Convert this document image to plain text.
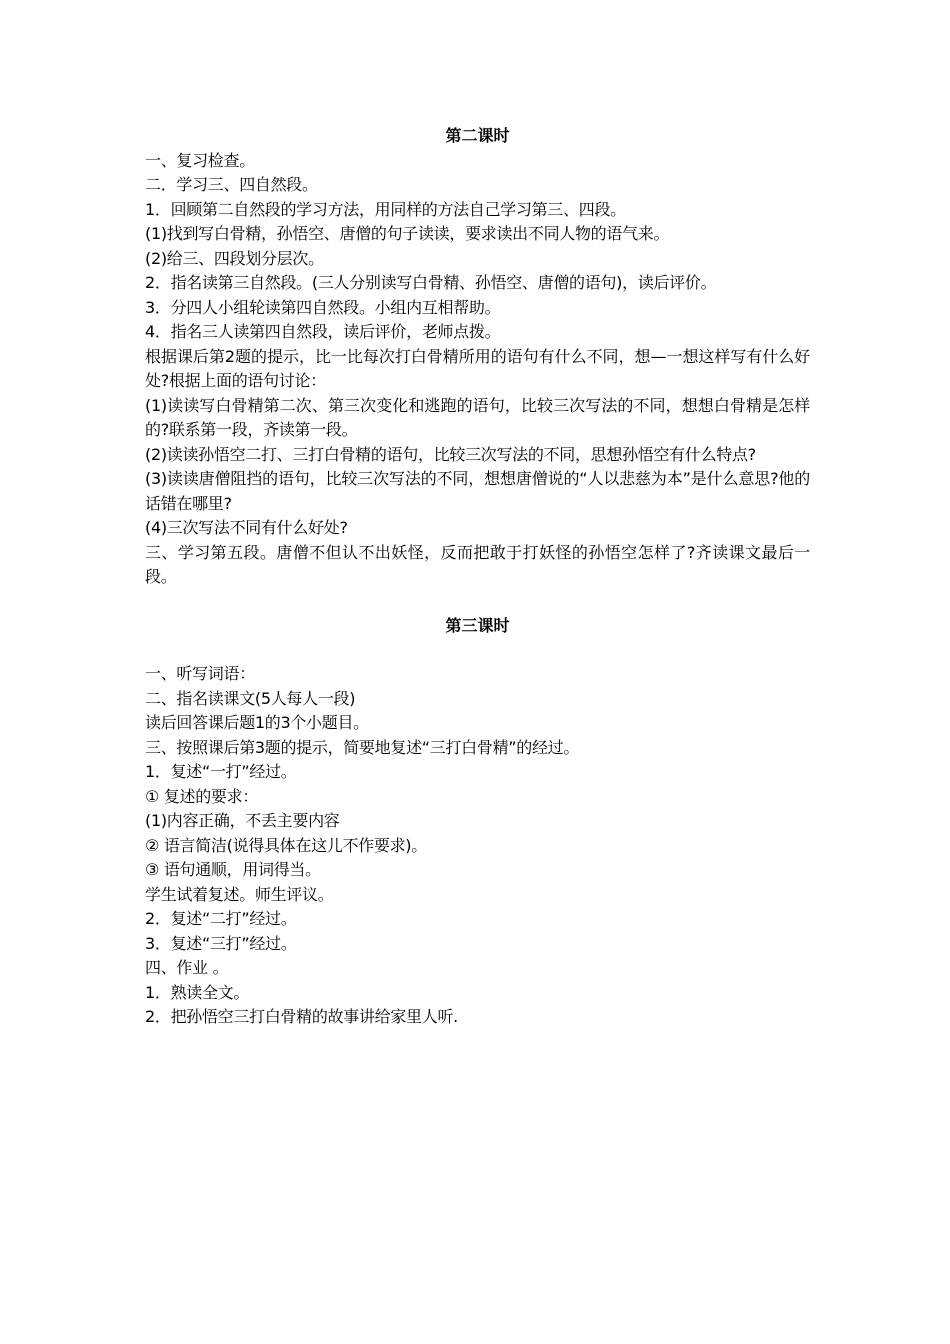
第二课时

一、复习检查。

二．学习三、四自然段。

1．回顾第二自然段的学习方法，用同样的方法自己学习第三、四段。

(1)找到写白骨精，孙悟空、唐僧的句子读读，要求读出不同人物的语气来。

(2)给三、四段划分层次。

2．指名读第三自然段。(三人分别读写白骨精、孙悟空、唐僧的语句)，读后评价。

3．分四人小组轮读第四自然段。小组内互相帮助。

4．指名三人读第四自然段，读后评价，老师点拨。

根据课后第2题的提示，比一比每次打白骨精所用的语句有什么不同，想—一想这样写有什么好处?根据上面的语句讨论：

(1)读读写白骨精第二次、第三次变化和逃跑的语句，比较三次写法的不同，想想白骨精是怎样的?联系第一段，齐读第一段。

(2)读读孙悟空二打、三打白骨精的语句，比较三次写法的不同，思想孙悟空有什么特点?

(3)读读唐僧阻挡的语句，比较三次写法的不同，想想唐僧说的“人以悲慈为本”是什么意思?他的话错在哪里?

(4)三次写法不同有什么好处?

三、学习第五段。唐僧不但认不出妖怪，反而把敢于打妖怪的孙悟空怎样了?齐读课文最后一段。

第三课时

一、听写词语：

二、指名读课文(5人每人一段)

读后回答课后题1的3个小题目。

三、按照课后第3题的提示，简要地复述“三打白骨精”的经过。

1．复述“一打”经过。

① 复述的要求：

(1)内容正确，不丢主要内容

② 语言简洁(说得具体在这儿不作要求)。

③ 语句通顺，用词得当。

学生试着复述。师生评议。

2．复述“二打”经过。

3．复述“三打”经过。

四、作业 。

1．熟读全文。

2．把孙悟空三打白骨精的故事讲给家里人听.
